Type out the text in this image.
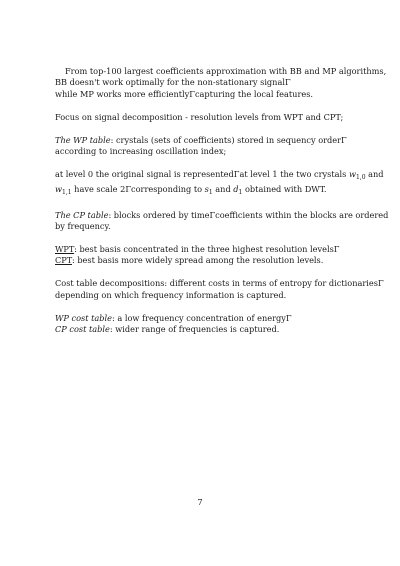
From top-100 largest coefficients approximation with BB and MP algorithms,
BB doesn't work optimally for the non-stationary signalΓ
while MP works more efficientlyΓcapturing the local features.
Focus on signal decomposition - resolution levels from WPT and CPT;
The WP table: crystals (sets of coefficients) stored in sequency orderΓ
according to increasing oscillation index;
at level 0 the original signal is representedΓat level 1 the two crystals $w_{1,0}$ and
$w_{1,1}$ have scale 2Γcorresponding to $s_1$ and $d_1$ obtained with DWT.
The CP table: blocks ordered by timeΓcoefficients within the blocks are ordered
by frequency.
WPT: best basis concentrated in the three highest resolution levelsΓ
CPT: best basis more widely spread among the resolution levels.
Cost table decompositions: different costs in terms of entropy for dictionariesΓ
depending on which frequency information is captured.
WP cost table: a low frequency concentration of energyΓ
CP cost table: wider range of frequencies is captured.
7
